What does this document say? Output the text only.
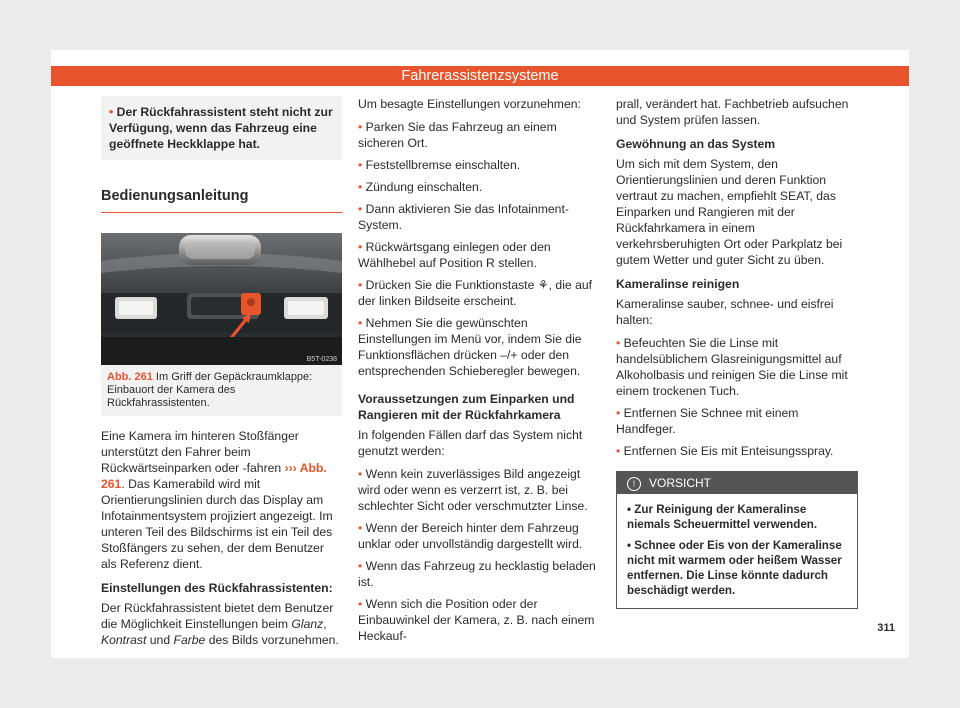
Fahrerassistenzsysteme
• Der Rückfahrassistent steht nicht zur Verfügung, wenn das Fahrzeug eine geöffnete Heckklappe hat.
Bedienungsanleitung
B5T-0238
Abb. 261 Im Griff der Gepäckraumklappe: Einbauort der Kamera des Rückfahrassistenten.

Eine Kamera im hinteren Stoßfänger unterstützt den Fahrer beim Rückwärtseinparken oder -fahren ››› Abb. 261. Das Kamerabild wird mit Orientierungslinien durch das Display am Infotainmentsystem projiziert angezeigt. Im unteren Teil des Bildschirms ist ein Teil des Stoßfängers zu sehen, der dem Benutzer als Referenz dient.

Einstellungen des Rückfahrassistenten:

Der Rückfahrassistent bietet dem Benutzer die Möglichkeit Einstellungen beim Glanz, Kontrast und Farbe des Bilds vorzunehmen.

Um besagte Einstellungen vorzunehmen:

• Parken Sie das Fahrzeug an einem sicheren Ort.
• Feststellbremse einschalten.
• Zündung einschalten.
• Dann aktivieren Sie das Infotainment-System.
• Rückwärtsgang einlegen oder den Wählhebel auf Position R stellen.
• Drücken Sie die Funktionstaste ⚘, die auf der linken Bildseite erscheint.
• Nehmen Sie die gewünschten Einstellungen im Menü vor, indem Sie die Funktionsflächen drücken –/+ oder den entsprechenden Schieberegler bewegen.
Voraussetzungen zum Einparken und Rangieren mit der Rückfahrkamera

In folgenden Fällen darf das System nicht genutzt werden:

• Wenn kein zuverlässiges Bild angezeigt wird oder wenn es verzerrt ist, z. B. bei schlechter Sicht oder verschmutzter Linse.
• Wenn der Bereich hinter dem Fahrzeug unklar oder unvollständig dargestellt wird.
• Wenn das Fahrzeug zu hecklastig beladen ist.
• Wenn sich die Position oder der Einbauwinkel der Kamera, z. B. nach einem Heckauf-

prall, verändert hat. Fachbetrieb aufsuchen und System prüfen lassen.

Gewöhnung an das System

Um sich mit dem System, den Orientierungslinien und deren Funktion vertraut zu machen, empfiehlt SEAT, das Einparken und Rangieren mit der Rückfahrkamera in einem verkehrsberuhigten Ort oder Parkplatz bei gutem Wetter und guter Sicht zu üben.

Kameralinse reinigen

Kameralinse sauber, schnee- und eisfrei halten:

• Befeuchten Sie die Linse mit handelsüblichem Glasreinigungsmittel auf Alkoholbasis und reinigen Sie die Linse mit einem trockenen Tuch.
• Entfernen Sie Schnee mit einem Handfeger.
• Entfernen Sie Eis mit Enteisungsspray.
! VORSICHT
• Zur Reinigung der Kameralinse niemals Scheuermittel verwenden.
• Schnee oder Eis von der Kameralinse nicht mit warmem oder heißem Wasser entfernen. Die Linse könnte dadurch beschädigt werden.
311
